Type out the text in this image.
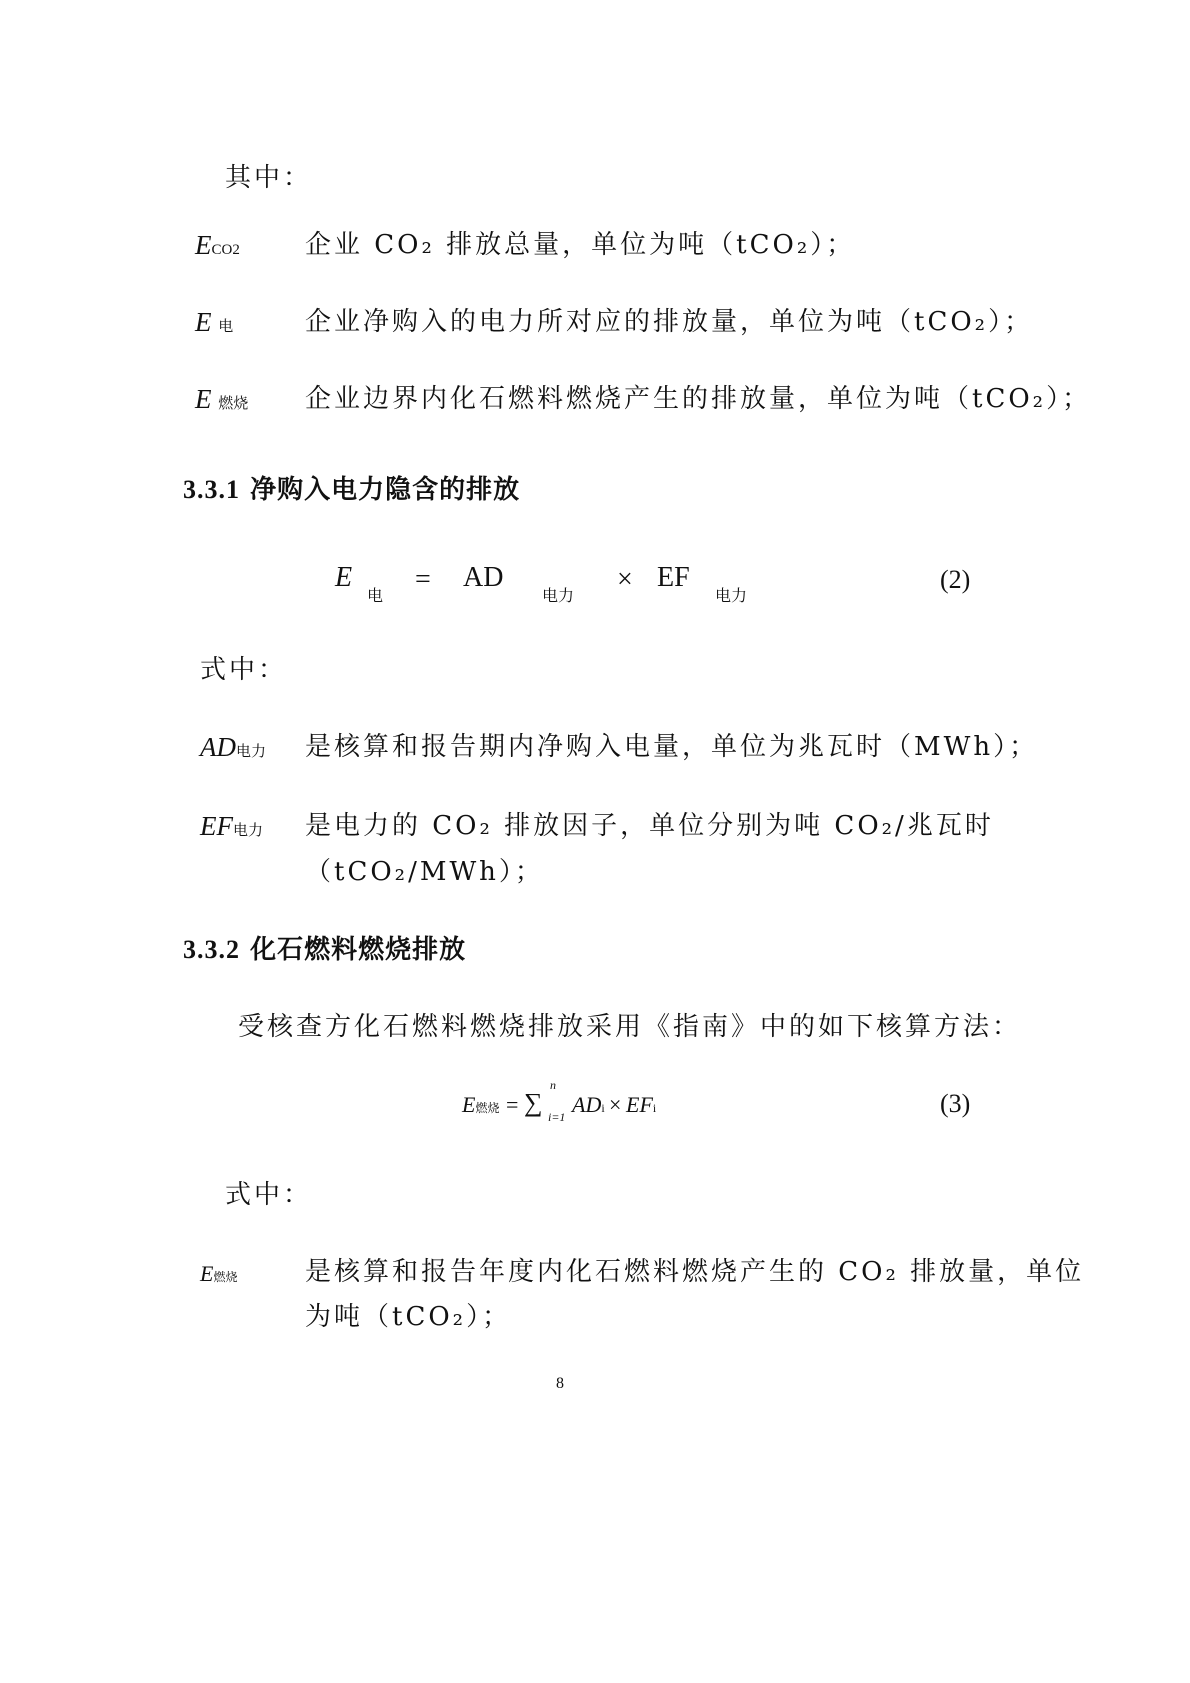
其中：
ECO2	企业 CO₂ 排放总量，单位为吨（tCO₂）；
E 电	企业净购入的电力所对应的排放量，单位为吨（tCO₂）；
E 燃烧 企业边界内化石燃料燃烧产生的排放量，单位为吨（tCO₂）；
3.3.1 净购入电力隐含的排放
E
电
= AD
电力
× EF
电力
(2)
式中：
AD电力 是核算和报告期内净购入电量，单位为兆瓦时（MWh）；
EF电力 是电力的 CO₂ 排放因子，单位分别为吨 CO₂/兆瓦时
（tCO₂/MWh）；
3.3.2 化石燃料燃烧排放
受核查方化石燃料燃烧排放采用《指南》中的如下核算方法：
E燃烧 = ∑
n
i=1 ADi × EFi	(3)
式中：
E燃烧	是核算和报告年度内化石燃料燃烧产生的 CO₂ 排放量，单位
为吨（tCO₂）；
8
